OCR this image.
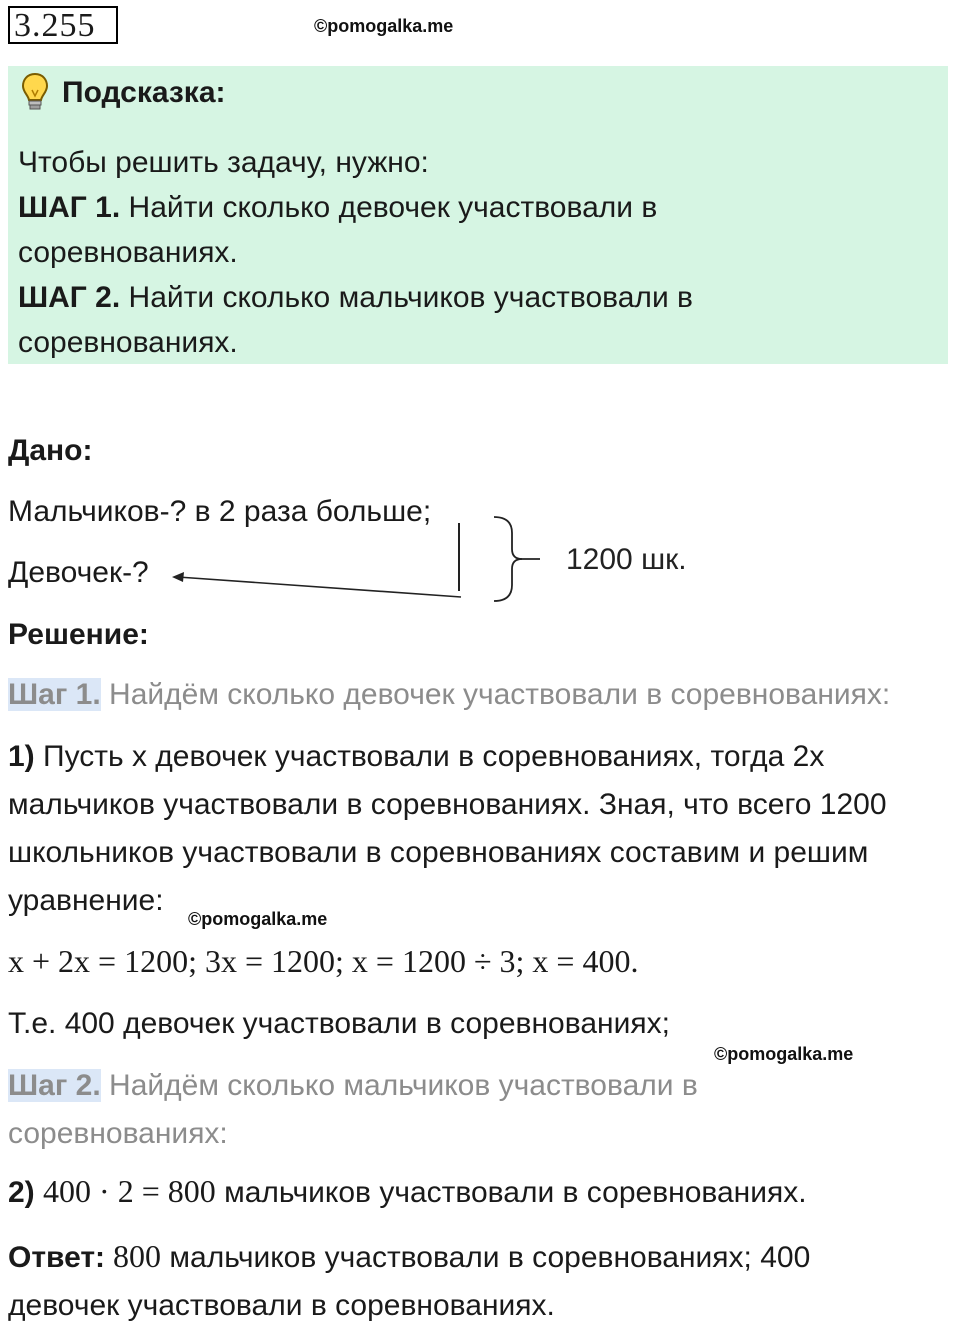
3.255	©pomogalka.me
Подсказка:
Чтобы решить задачу, нужно:
ШАГ 1. Найти сколько девочек участвовали в соревнованиях.
ШАГ 2. Найти сколько мальчиков участвовали в соревнованиях.
Дано:
Мальчиков-? в 2 раза больше;
Девочек-?	1200 шк.
Решение:
Шаг 1. Найдём сколько девочек участвовали в соревнованиях:
1) Пусть x девочек участвовали в соревнованиях, тогда 2x мальчиков участвовали в соревнованиях. Зная, что всего 1200 школьников участвовали в соревнованиях составим и решим уравнение:
©pomogalka.me
x + 2x = 1200; 3x = 1200; x = 1200 ÷ 3; x = 400.
Т.е. 400 девочек участвовали в соревнованиях;
©pomogalka.me
Шаг 2. Найдём сколько мальчиков участвовали в соревнованиях:
2) 400 · 2 = 800 мальчиков участвовали в соревнованиях.
Ответ: 800 мальчиков участвовали в соревнованиях; 400 девочек участвовали в соревнованиях.
